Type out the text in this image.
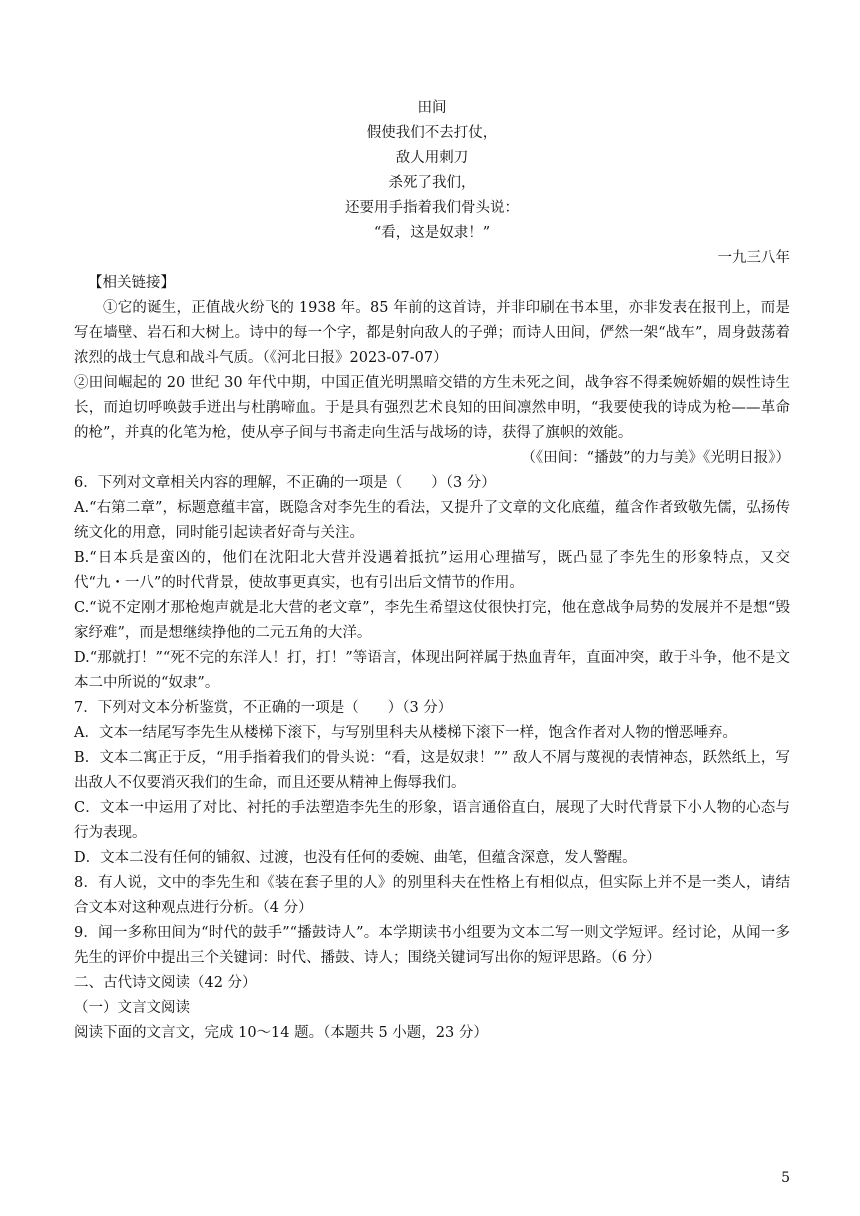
田间
假使我们不去打仗，
敌人用刺刀
杀死了我们，
还要用手指着我们骨头说：
“看，这是奴隶！”
一九三八年
【相关链接】
①它的诞生，正值战火纷飞的 1938 年。85 年前的这首诗，并非印刷在书本里，亦非发表在报刊上，而是写在墙壁、岩石和大树上。诗中的每一个字，都是射向敌人的子弹；而诗人田间，俨然一架“战车”，周身鼓荡着浓烈的战士气息和战斗气质。（《河北日报》2023-07-07）
②田间崛起的 20 世纪 30 年代中期，中国正值光明黑暗交错的方生未死之间，战争容不得柔婉娇媚的娱性诗生长，而迫切呼唤鼓手迸出与杜鹃啼血。于是具有强烈艺术良知的田间凛然申明，“我要使我的诗成为枪——革命的枪”，并真的化笔为枪，使从亭子间与书斋走向生活与战场的诗，获得了旗帜的效能。
（《田间：“播鼓”的力与美》《光明日报》）
6．下列对文章相关内容的理解，不正确的一项是（　　）（3 分）
A.“右第二章”，标题意蕴丰富，既隐含对李先生的看法，又提升了文章的文化底蕴，蕴含作者致敬先儒，弘扬传统文化的用意，同时能引起读者好奇与关注。
B.“日本兵是蛮凶的，他们在沈阳北大营并没遇着抵抗”运用心理描写，既凸显了李先生的形象特点，又交代“九・一八”的时代背景，使故事更真实，也有引出后文情节的作用。
C.“说不定刚才那枪炮声就是北大营的老文章”，李先生希望这仗很快打完，他在意战争局势的发展并不是想“毁家纾难”，而是想继续挣他的二元五角的大洋。
D.“那就打！”“死不完的东洋人！打，打！”等语言，体现出阿祥属于热血青年，直面冲突，敢于斗争，他不是文本二中所说的“奴隶”。
7．下列对文本分析鉴赏，不正确的一项是（　　）（3 分）
A．文本一结尾写李先生从楼梯下滚下，与写别里科夫从楼梯下滚下一样，饱含作者对人物的憎恶唾弃。
B．文本二寓正于反，“用手指着我们的骨头说：“看，这是奴隶！”” 敌人不屑与蔑视的表情神态，跃然纸上，写出敌人不仅要消灭我们的生命，而且还要从精神上侮辱我们。
C．文本一中运用了对比、衬托的手法塑造李先生的形象，语言通俗直白，展现了大时代背景下小人物的心态与行为表现。
D．文本二没有任何的铺叙、过渡，也没有任何的委婉、曲笔，但蕴含深意，发人警醒。
8．有人说，文中的李先生和《装在套子里的人》的别里科夫在性格上有相似点，但实际上并不是一类人，请结合文本对这种观点进行分析。（4 分）
9．闻一多称田间为“时代的鼓手”“播鼓诗人”。本学期读书小组要为文本二写一则文学短评。经讨论，从闻一多先生的评价中提出三个关键词：时代、播鼓、诗人；围绕关键词写出你的短评思路。（6 分）
二、古代诗文阅读（42 分）
（一）文言文阅读
阅读下面的文言文，完成 10～14 题。（本题共 5 小题，23 分）
5
